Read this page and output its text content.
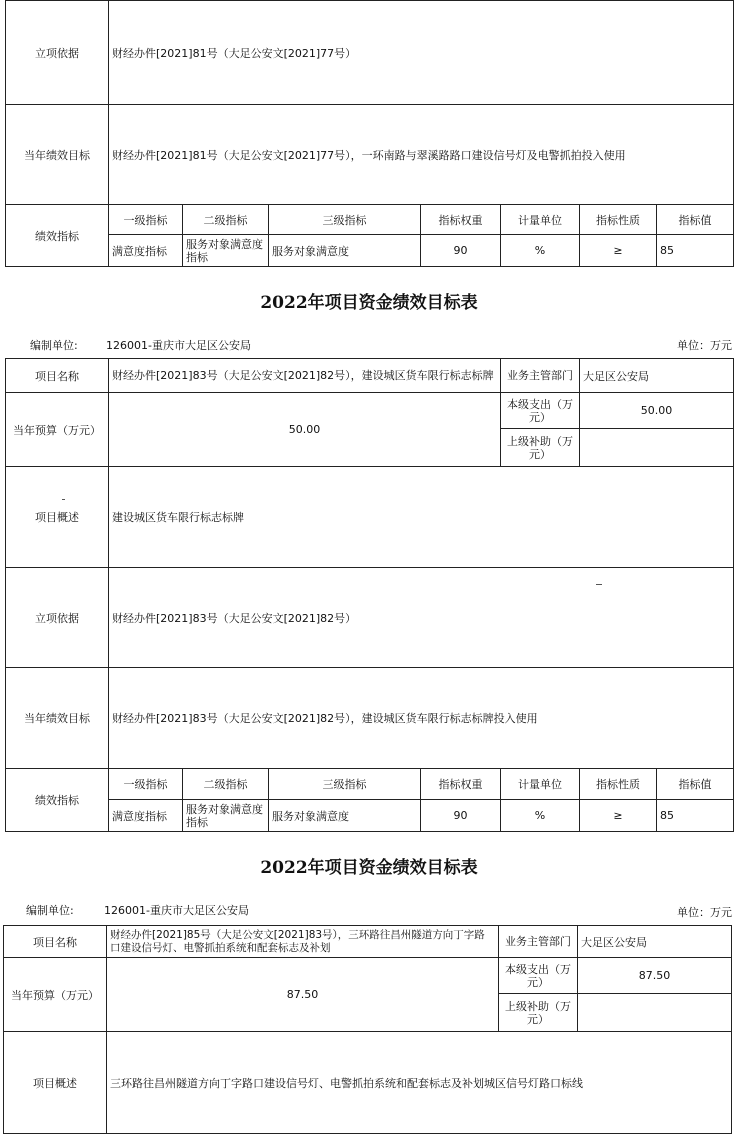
立项依据	财经办件[2021]81号（大足公安文[2021]77号）						
当年绩效目标	财经办件[2021]81号（大足公安文[2021]77号），一环南路与翠溪路路口建设信号灯及电警抓拍投入使用						
绩效指标	一级指标	二级指标	三级指标	指标权重	计量单位	指标性质	指标值
	满意度指标	服务对象满意度指标	服务对象满意度	90	%	≥	85
2022年项目资金绩效目标表
编制单位:	126001-重庆市大足区公安局	单位：万元
项目名称	财经办件[2021]83号（大足公安文[2021]82号），建设城区货车限行标志标牌				业务主管部门	大足区公安局	
当年预算（万元）	50.00				本级支出（万元）	50.00	
					上级补助（万元）		
项目概述	建设城区货车限行标志标牌						
立项依据	财经办件[2021]83号（大足公安文[2021]82号）						
当年绩效目标	财经办件[2021]83号（大足公安文[2021]82号），建设城区货车限行标志标牌投入使用						
绩效指标	一级指标	二级指标	三级指标	指标权重	计量单位	指标性质	指标值
	满意度指标	服务对象满意度指标	服务对象满意度	90	%	≥	85
2022年项目资金绩效目标表
编制单位:	126001-重庆市大足区公安局	单位：万元
项目名称	财经办件[2021]85号（大足公安文[2021]83号），三环路往昌州隧道方向丁字路口建设信号灯、电警抓拍系统和配套标志及补划	业务主管部门	大足区公安局
当年预算（万元）	87.50	本级支出（万元）	87.50
		上级补助（万元）	
项目概述	三环路往昌州隧道方向丁字路口建设信号灯、电警抓拍系统和配套标志及补划城区信号灯路口标线		
